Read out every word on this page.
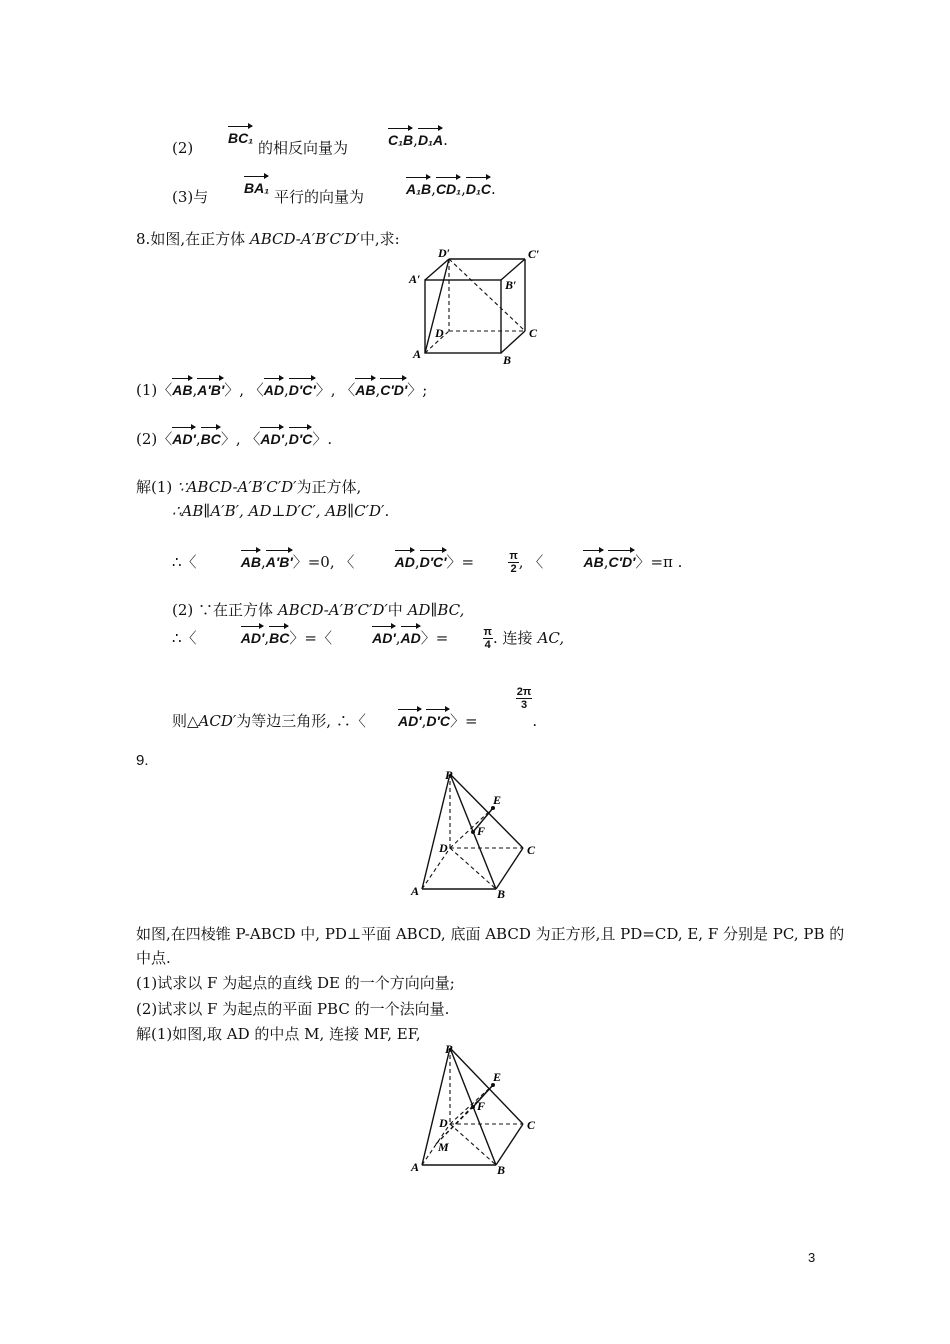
(2)
BC₁
的相反向量为	C₁B,D₁A.
(3)与	BA₁ 平行的向量为	A₁B,CD₁,D₁C.
8.如图,在正方体 ABCD-A′B′C′D′中,求:
D′	C′
A′	B′
D	C
A	B
(1)〈AB,A′B′〉, 〈AD,D′C′〉, 〈AB,C′D′〉;
(2)〈AD′,BC〉, 〈AD′,D′C〉.
解(1) ∵ABCD-A′B′C′D′为正方体,
∴AB∥A′B′, AD⊥D′C′, AB∥C′D′.
∴〈	AB,A′B′〉=0, 〈	AD,D′C′〉=	$\frac{\pi}{2}$ , 〈	AB,C′D′〉=π .
(2) ∵在正方体 ABCD-A′B′C′D′中 AD∥BC,
∴〈	AD′,BC〉=〈	AD′,AD〉=	$\frac{\pi}{4}$ . 连接 AC,
则△ACD′为等边三角形, ∴〈 AD′,D′C〉=
$\frac{2\pi}{3}$
.
9.
P
E
F
D	C
A	B
如图,在四棱锥 P-ABCD 中, PD⊥平面 ABCD, 底面 ABCD 为正方形,且 PD=CD, E, F 分别是 PC, PB 的
中点.
(1)试求以 F 为起点的直线 DE 的一个方向向量;
(2)试求以 F 为起点的平面 PBC 的一个法向量.
解(1)如图,取 AD 的中点 M, 连接 MF, EF,
P
E
F
D
M
C
A	B
3
